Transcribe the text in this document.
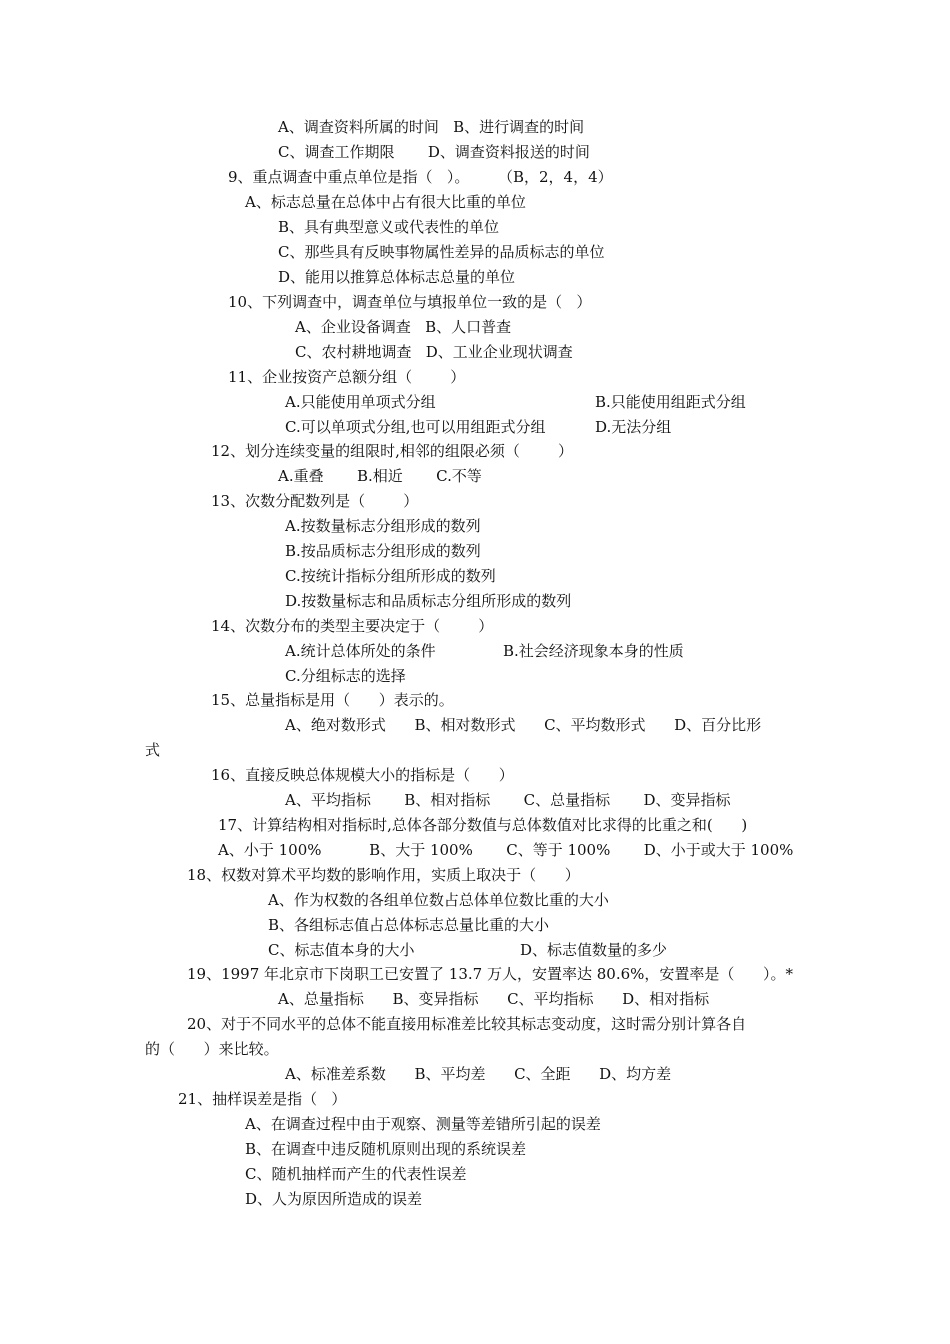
A、调查资料所属的时间   B、进行调查的时间
C、调查工作期限       D、调查资料报送的时间
9、重点调查中重点单位是指（   ）。      （B，2，4，4）
A、标志总量在总体中占有很大比重的单位
B、具有典型意义或代表性的单位
C、那些具有反映事物属性差异的品质标志的单位
D、能用以推算总体标志总量的单位
10、下列调查中，调查单位与填报单位一致的是（   ）
A、企业设备调查   B、人口普查
C、农村耕地调查   D、工业企业现状调查
11、企业按资产总额分组（        ）
A.只能使用单项式分组	B.只能使用组距式分组
C.可以单项式分组,也可以用组距式分组	D.无法分组
12、划分连续变量的组限时,相邻的组限必须（        ）
A.重叠       B.相近       C.不等
13、次数分配数列是（        ）
A.按数量标志分组形成的数列
B.按品质标志分组形成的数列
C.按统计指标分组所形成的数列
D.按数量标志和品质标志分组所形成的数列
14、次数分布的类型主要决定于（        ）
A.统计总体所处的条件	B.社会经济现象本身的性质
C.分组标志的选择
15、总量指标是用（      ）表示的。
A、绝对数形式      B、相对数形式      C、平均数形式      D、百分比形
式
16、直接反映总体规模大小的指标是（      ）
A、平均指标       B、相对指标       C、总量指标       D、变异指标
17、计算结构相对指标时,总体各部分数值与总体数值对比求得的比重之和(      )
A、小于 100%          B、大于 100%       C、等于 100%       D、小于或大于 100%
18、权数对算术平均数的影响作用，实质上取决于（      ）
A、作为权数的各组单位数占总体单位数比重的大小
B、各组标志值占总体标志总量比重的大小
C、标志值本身的大小	D、标志值数量的多少
19、1997 年北京市下岗职工已安置了 13.7 万人，安置率达 80.6%，安置率是（      ）。*
A、总量指标      B、变异指标      C、平均指标      D、相对指标
20、对于不同水平的总体不能直接用标准差比较其标志变动度，这时需分别计算各自
的（      ）来比较。
A、标准差系数      B、平均差      C、全距      D、均方差
21、抽样误差是指（   ）
A、在调查过程中由于观察、测量等差错所引起的误差
B、在调查中违反随机原则出现的系统误差
C、随机抽样而产生的代表性误差
D、人为原因所造成的误差
